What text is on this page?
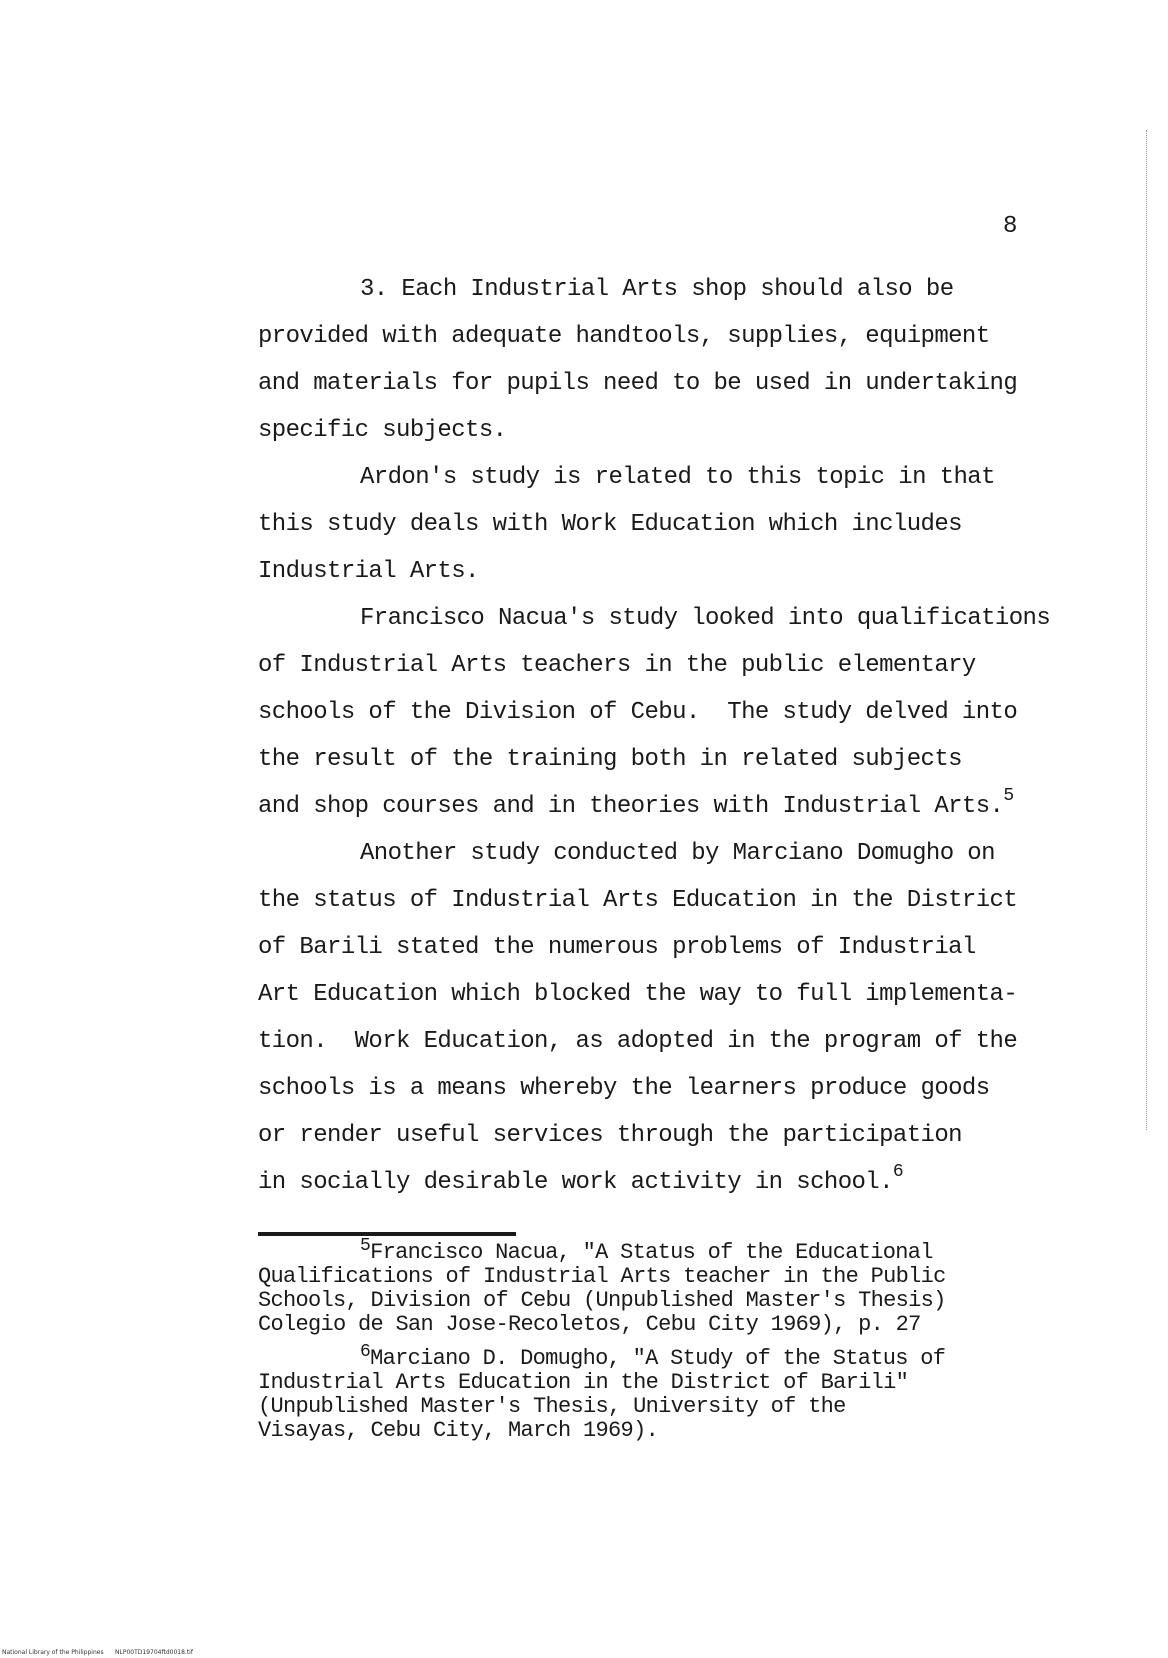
8
3. Each Industrial Arts shop should also be
provided with adequate handtools, supplies, equipment
and materials for pupils need to be used in undertaking
specific subjects.
Ardon's study is related to this topic in that
this study deals with Work Education which includes
Industrial Arts.
Francisco Nacua's study looked into qualifications
of Industrial Arts teachers in the public elementary
schools of the Division of Cebu.  The study delved into
the result of the training both in related subjects
and shop courses and in theories with Industrial Arts.$^5$
Another study conducted by Marciano Domugho on
the status of Industrial Arts Education in the District
of Barili stated the numerous problems of Industrial
Art Education which blocked the way to full implementa-
tion.  Work Education, as adopted in the program of the
schools is a means whereby the learners produce goods
or render useful services through the participation
in socially desirable work activity in school.$^6$
$^5$Francisco Nacua, "A Status of the Educational
Qualifications of Industrial Arts teacher in the Public
Schools, Division of Cebu (Unpublished Master's Thesis)
Colegio de San Jose-Recoletos, Cebu City 1969), p. 27
$^6$Marciano D. Domugho, "A Study of the Status of
Industrial Arts Education in the District of Barili"
(Unpublished Master's Thesis, University of the
Visayas, Cebu City, March 1969).
National Library of the Philippines NLP00TD19704ftd0018.tif
